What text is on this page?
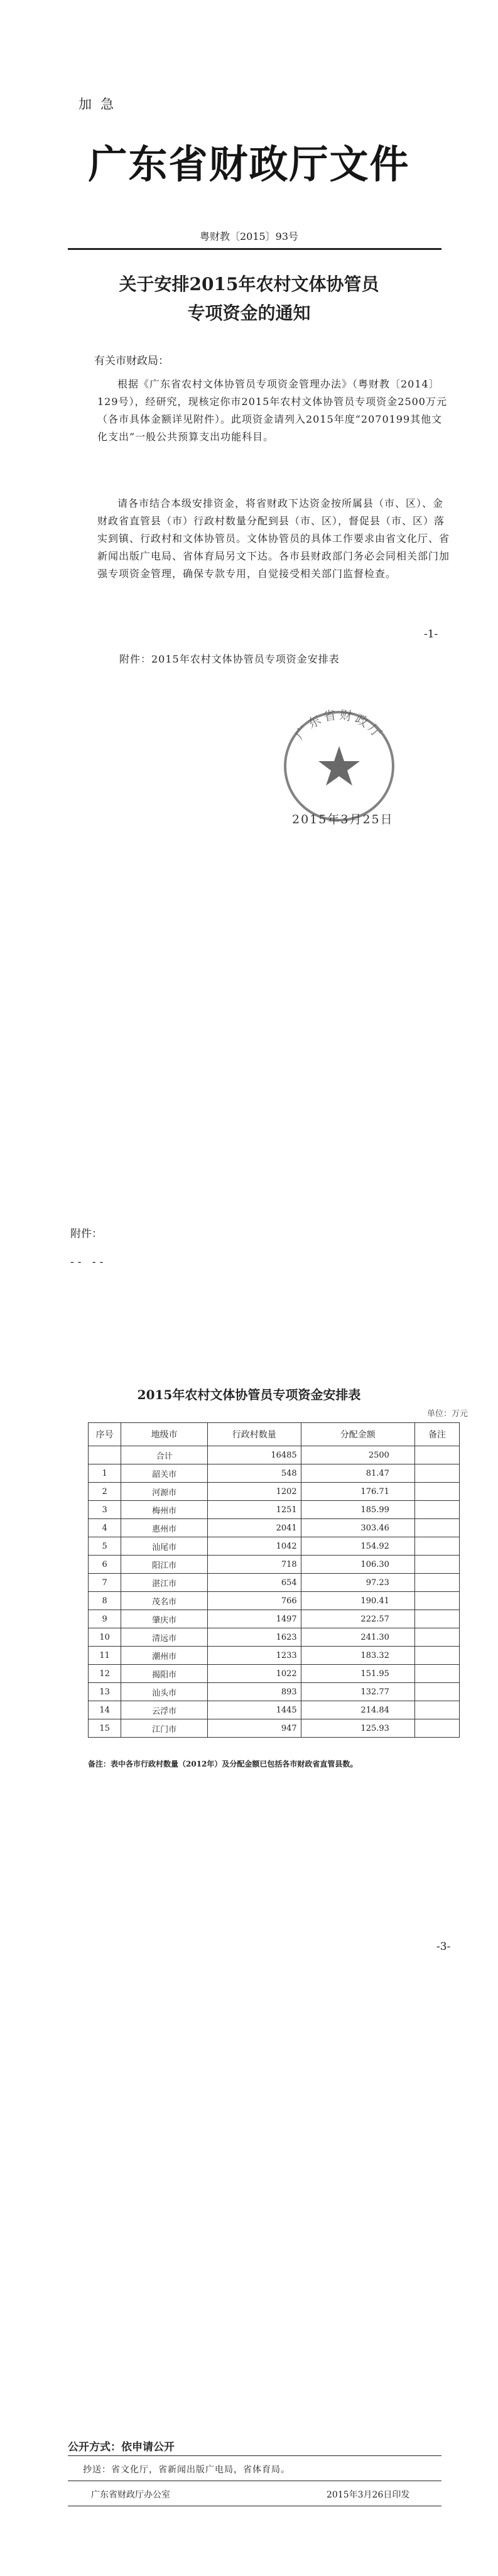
加急
广东省财政厅文件
粤财教〔2015〕93号
关于安排2015年农村文体协管员
专项资金的通知
有关市财政局：

根据《广东省农村文体协管员专项资金管理办法》（粤财教〔2014〕129号），经研究，现核定你市2015年农村文体协管员专项资金2500万元（各市具体金额详见附件）。此项资金请列入2015年度“2070199其他文化支出”一般公共预算支出功能科目。

请各市结合本级安排资金，将省财政下达资金按所属县（市、区）、金财政省直管县（市）行政村数量分配到县（市、区），督促县（市、区）落实到镇、行政村和文体协管员。文体协管员的具体工作要求由省文化厅、省新闻出版广电局、省体育局另文下达。各市县财政部门务必会同相关部门加强专项资金管理，确保专款专用，自觉接受相关部门监督检查。

-1-
附件：2015年农村文体协管员专项资金安排表
广东省财政厅
2015年3月25日
附件：
-- --
2015年农村文体协管员专项资金安排表
单位：万元
序号	地级市	行政村数量	分配金额	备注
	合计	16485	2500	
1	韶关市	548	81.47	
2	河源市	1202	176.71	
3	梅州市	1251	185.99	
4	惠州市	2041	303.46	
5	汕尾市	1042	154.92	
6	阳江市	718	106.30	
7	湛江市	654	97.23	
8	茂名市	766	190.41	
9	肇庆市	1497	222.57	
10	清远市	1623	241.30	
11	潮州市	1233	183.32	
12	揭阳市	1022	151.95	
13	汕头市	893	132.77	
14	云浮市	1445	214.84	
15	江门市	947	125.93	
备注：表中各市行政村数量（2012年）及分配金额已包括各市财政省直管县数。
-3-
公开方式：依申请公开
抄送：省文化厅，省新闻出版广电局，省体育局。
广东省财政厅办公室	2015年3月26日印发
